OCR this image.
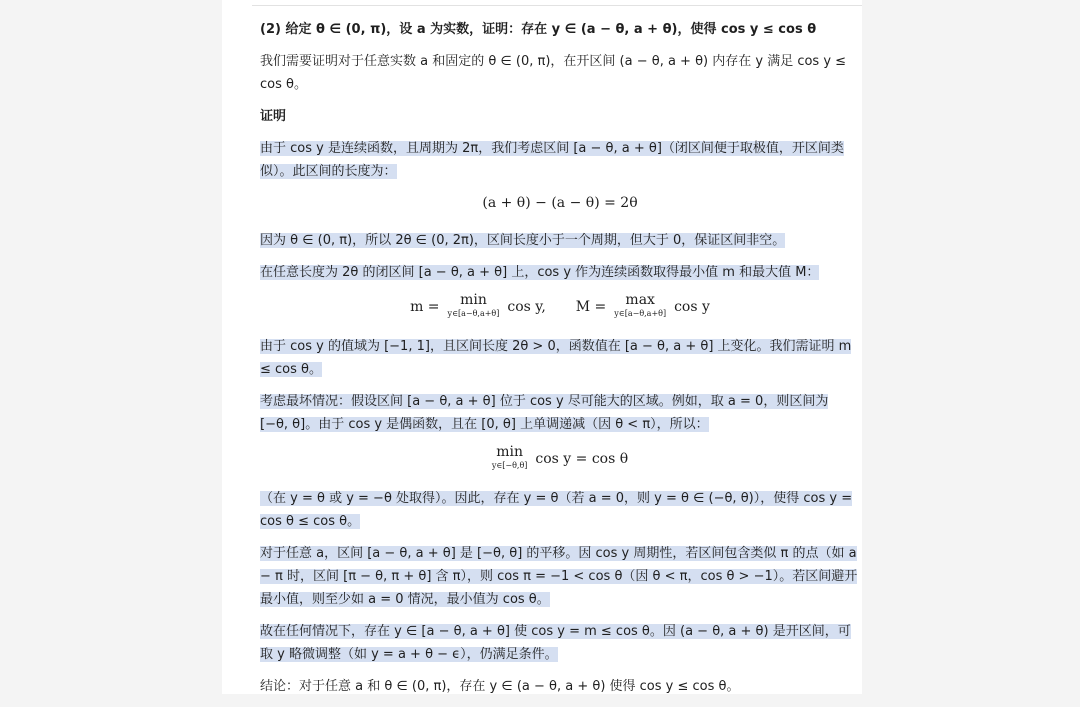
(2) 给定 θ ∈ (0, π)，设 a 为实数，证明：存在 y ∈ (a − θ, a + θ)，使得 cos y ≤ cos θ
我们需要证明对于任意实数 a 和固定的 θ ∈ (0, π)，在开区间 (a − θ, a + θ) 内存在 y 满足 cos y ≤ cos θ。
证明
由于 cos y 是连续函数，且周期为 2π，我们考虑区间 [a − θ, a + θ]（闭区间便于取极值，开区间类似）。此区间的长度为：
(a + θ) − (a − θ) = 2θ
因为 θ ∈ (0, π)，所以 2θ ∈ (0, 2π)，区间长度小于一个周期，但大于 0，保证区间非空。
在任意长度为 2θ 的闭区间 [a − θ, a + θ] 上，cos y 作为连续函数取得最小值 m 和最大值 M：
m =	min
y∈[a−θ,a+θ] cos y, M =	max
y∈[a−θ,a+θ] cos y
由于 cos y 的值域为 [−1, 1]，且区间长度 2θ > 0，函数值在 [a − θ, a + θ] 上变化。我们需证明 m ≤ cos θ。
考虑最坏情况：假设区间 [a − θ, a + θ] 位于 cos y 尽可能大的区域。例如，取 a = 0，则区间为 [−θ, θ]。由于 cos y 是偶函数，且在 [0, θ] 上单调递减（因 θ < π），所以：
min
y∈[−θ,θ] cos y = cos θ
（在 y = θ 或 y = −θ 处取得）。因此，存在 y = θ（若 a = 0，则 y = θ ∈ (−θ, θ)），使得 cos y = cos θ ≤ cos θ。
对于任意 a，区间 [a − θ, a + θ] 是 [−θ, θ] 的平移。因 cos y 周期性，若区间包含类似 π 的点（如 a − π 时，区间 [π − θ, π + θ] 含 π），则 cos π = −1 < cos θ（因 θ < π，cos θ > −1）。若区间避开最小值，则至少如 a = 0 情况，最小值为 cos θ。
故在任何情况下，存在 y ∈ [a − θ, a + θ] 使 cos y = m ≤ cos θ。因 (a − θ, a + θ) 是开区间，可取 y 略微调整（如 y = a + θ − ϵ），仍满足条件。
结论：对于任意 a 和 θ ∈ (0, π)，存在 y ∈ (a − θ, a + θ) 使得 cos y ≤ cos θ。
